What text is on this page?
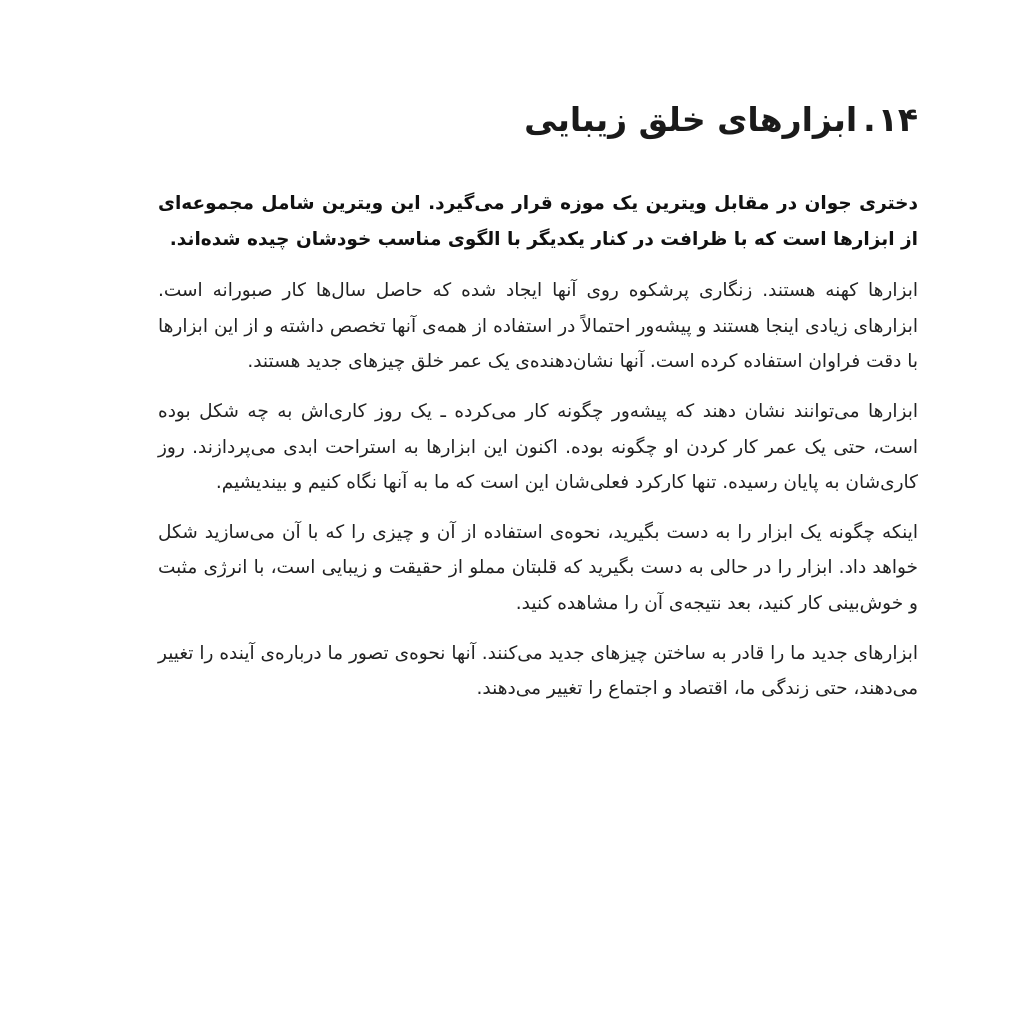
۱۴.ابزارهای خلق زیبایی

دختری جوان در مقابل ویترین یک موزه قرار می‌گیرد. این ویترین شامل مجموعه‌ای از ابزارها است که با ظرافت در کنار یکدیگر با الگوی مناسب خودشان چیده شده‌اند.

ابزارها کهنه هستند. زنگاری پرشکوه روی آنها ایجاد شده که حاصل سال‌ها کار صبورانه است. ابزارهای زیادی اینجا هستند و پیشه‌ور احتمالاً در استفاده از همه‌ی آنها تخصص داشته و از این ابزارها با دقت فراوان استفاده کرده است. آنها نشان‌دهنده‌ی یک عمر خلق چیزهای جدید هستند.

ابزارها می‌توانند نشان دهند که پیشه‌ور چگونه کار می‌کرده ـ یک روز کاری‌اش به چه شکل بوده است، حتی یک عمر کار کردن او چگونه بوده. اکنون این ابزارها به استراحت ابدی می‌پردازند. روز کاری‌شان به پایان رسیده. تنها کارکرد فعلی‌شان این است که ما به آنها نگاه کنیم و بیندیشیم.

اینکه چگونه یک ابزار را به دست بگیرید، نحوه‌ی استفاده از آن و چیزی را که با آن می‌سازید شکل خواهد داد. ابزار را در حالی به دست بگیرید که قلبتان مملو از حقیقت و زیبایی است، با انرژی مثبت و خوش‌بینی کار کنید، بعد نتیجه‌ی آن را مشاهده کنید.

ابزارهای جدید ما را قادر به ساختن چیزهای جدید می‌کنند. آنها نحوه‌ی تصور ما درباره‌ی آینده را تغییر می‌دهند، حتی زندگی ما، اقتصاد و اجتماع را تغییر می‌دهند.
